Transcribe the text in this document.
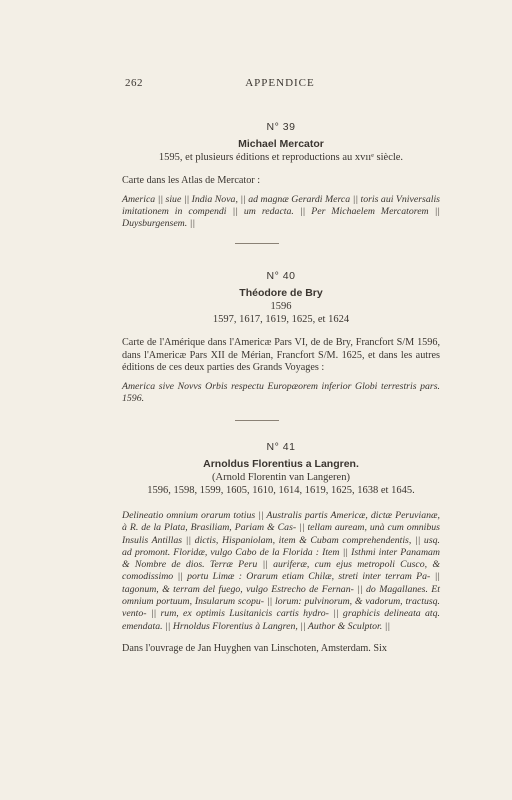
262	APPENDICE
N° 39
Michael Mercator
1595, et plusieurs éditions et reproductions au xvııᵉ siècle.
Carte dans les Atlas de Mercator :
America || siue || India Nova, || ad magnæ Gerardi Merca || toris aui Vniversalis imitationem in compendi || um redacta. || Per Michaelem Mercatorem || Duysburgensem. ||
N° 40
Théodore de Bry
1596
1597, 1617, 1619, 1625, et 1624
Carte de l'Amérique dans l'Americæ Pars VI, de de Bry, Francfort S/M 1596, dans l'Americæ Pars XII de Mérian, Francfort S/M. 1625, et dans les autres éditions de ces deux parties des Grands Voyages :
America sive Novvs Orbis respectu Europæorem inferior Globi terrestris pars. 1596.
N° 41
Arnoldus Florentius a Langren.
(Arnold Florentin van Langeren)
1596, 1598, 1599, 1605, 1610, 1614, 1619, 1625, 1638 et 1645.
Delineatio omnium orarum totius || Australis partis Americæ, dictæ Peruvianæ, à R. de la Plata, Brasiliam, Pariam & Cas- || tellam auream, unà cum omnibus Insulis Antillas || dictis, Hispaniolam, item & Cubam comprehendentis, || usq. ad promont. Floridæ, vulgo Cabo de la Florida : Item || Isthmi inter Panamam & Nombre de dios. Terræ Peru || auriferæ, cum ejus metropoli Cusco, & comodissimo || portu Limæ : Orarum etiam Chilæ, streti inter terram Pa- || tagonum, & terram del fuego, vulgo Estrecho de Fernan- || do Magallanes. Et omnium portuum, Insularum scopu- || lorum: pulvinorum, & vadorum, tractusq. vento- || rum, ex optimis Lusitanicis cartis hydro- || graphicis delineata atq. emendata. || Hrnoldus Florentius à Langren, || Author & Sculptor. ||
Dans l'ouvrage de Jan Huyghen van Linschoten, Amsterdam. Six
